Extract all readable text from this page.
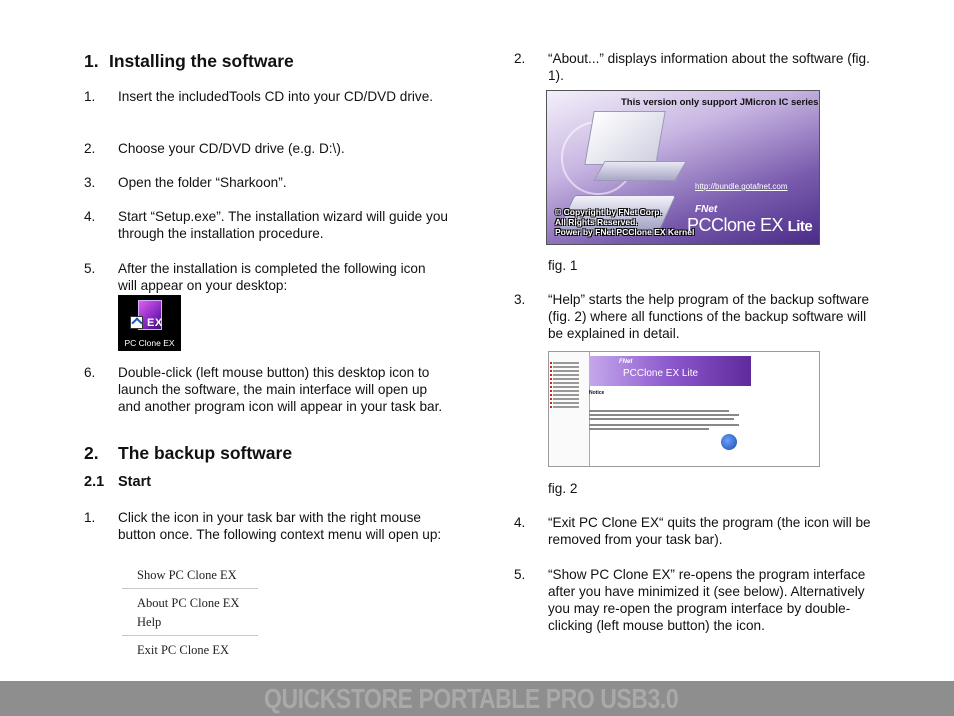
1. Installing the software
1.	Insert the includedTools CD into your CD/DVD drive.
2.	Choose your CD/DVD drive (e.g. D:\).
3.	Open the folder “Sharkoon”.
4.	Start “Setup.exe”. The installation wizard will guide you through the installation procedure.
5.	After the installation is completed the following icon will appear on your desktop:
EX
PC Clone EX
6.	Double-click (left mouse button) this desktop icon to launch the software, the main interface will open up and another program icon will appear in your task bar.
2. The backup software
2.1 Start
1.	Click the icon in your task bar with the right mouse button once. The following context menu will open up:
Show PC Clone EX
About PC Clone EX
Help
Exit PC Clone EX
2.	“About...” displays information about the software (fig. 1).
This version only support JMicron IC series
http://bundle.gotafnet.com
© Copyright by FNet Corp.
All Rights Reserved.
Power by FNet PCClone EX Kernel
FNet
PCClone EX Lite
fig. 1
3.	“Help” starts the help program of the backup software (fig. 2) where all functions of the backup software will be explained in detail.
FNet
PCClone EX Lite
Notice
fig. 2
4.	“Exit PC Clone EX“ quits the program (the icon will be removed from your task bar).
5.	“Show PC Clone EX” re-opens the program interface after you have minimized it (see below). Alternatively you may re-open the program interface by double-clicking (left mouse button) the icon.
QUICKSTORE PORTABLE PRO USB3.0
